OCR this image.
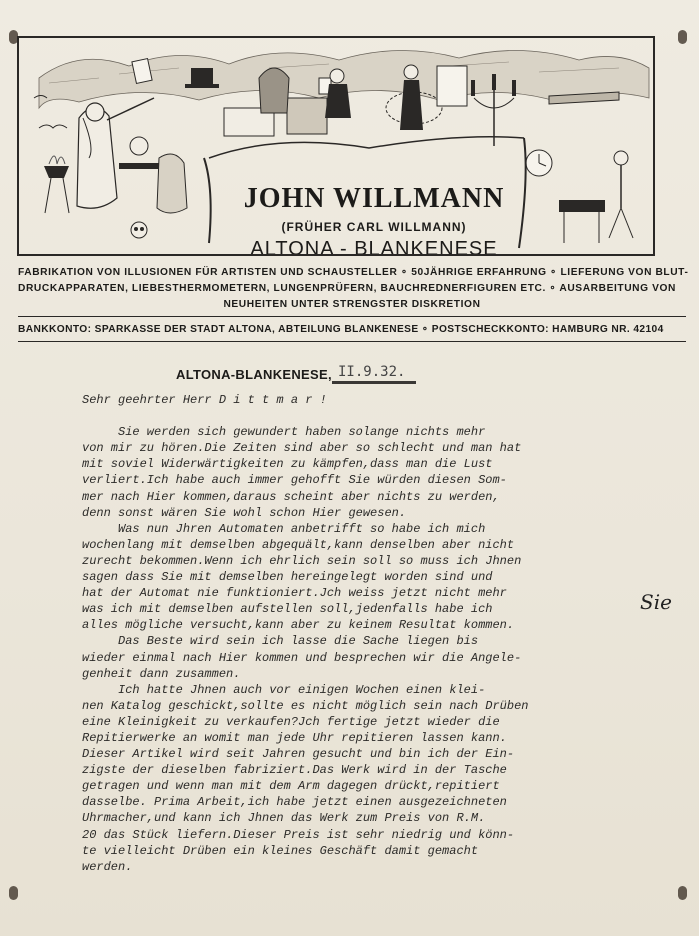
JOHN WILLMANN
(FRÜHER CARL WILLMANN)
ALTONA - BLANKENESE
FABRIKATION VON ILLUSIONEN FÜR ARTISTEN UND SCHAUSTELLER ∘ 50JÄHRIGE ERFAHRUNG ∘ LIEFERUNG VON BLUT-
DRUCKAPPARATEN, LIEBESTHERMOMETERN, LUNGENPRÜFERN, BAUCHREDNERFIGUREN ETC. ∘ AUSARBEITUNG VON
NEUHEITEN UNTER STRENGSTER DISKRETION
BANKKONTO: SPARKASSE DER STADT ALTONA, ABTEILUNG BLANKENESE ∘ POSTSCHECKKONTO: HAMBURG NR. 42104
ALTONA-BLANKENESE, II.9.32.
Sehr geehrter Herr D i t t m a r !

Sie werden sich gewundert haben solange nichts mehr
von mir zu hören.Die Zeiten sind aber so schlecht und man hat
mit soviel Widerwärtigkeiten zu kämpfen,dass man die Lust
verliert.Ich habe auch immer gehofft Sie würden diesen Som-
mer nach Hier kommen,daraus scheint aber nichts zu werden,
denn sonst wären Sie wohl schon Hier gewesen.
Was nun Jhren Automaten anbetrifft so habe ich mich
wochenlang mit demselben abgequält,kann denselben aber nicht
zurecht bekommen.Wenn ich ehrlich sein soll so muss ich Jhnen
sagen dass Sie mit demselben hereingelegt worden sind und
hat der Automat nie funktioniert.Jch weiss jetzt nicht mehr
was ich mit demselben aufstellen soll,jedenfalls habe ich
alles mögliche versucht,kann aber zu keinem Resultat kommen.
Das Beste wird sein ich lasse die Sache liegen bis
wieder einmal nach Hier kommen und besprechen wir die Angele-
genheit dann zusammen.
Ich hatte Jhnen auch vor einigen Wochen einen klei-
nen Katalog geschickt,sollte es nicht möglich sein nach Drüben
eine Kleinigkeit zu verkaufen?Jch fertige jetzt wieder die
Repitierwerke an womit man jede Uhr repitieren lassen kann.
Dieser Artikel wird seit Jahren gesucht und bin ich der Ein-
zigste der dieselben fabriziert.Das Werk wird in der Tasche
getragen und wenn man mit dem Arm dagegen drückt,repitiert
dasselbe. Prima Arbeit,ich habe jetzt einen ausgezeichneten
Uhrmacher,und kann ich Jhnen das Werk zum Preis von R.M.
20 das Stück liefern.Dieser Preis ist sehr niedrig und könn-
te vielleicht Drüben ein kleines Geschäft damit gemacht
werden.
Sie
